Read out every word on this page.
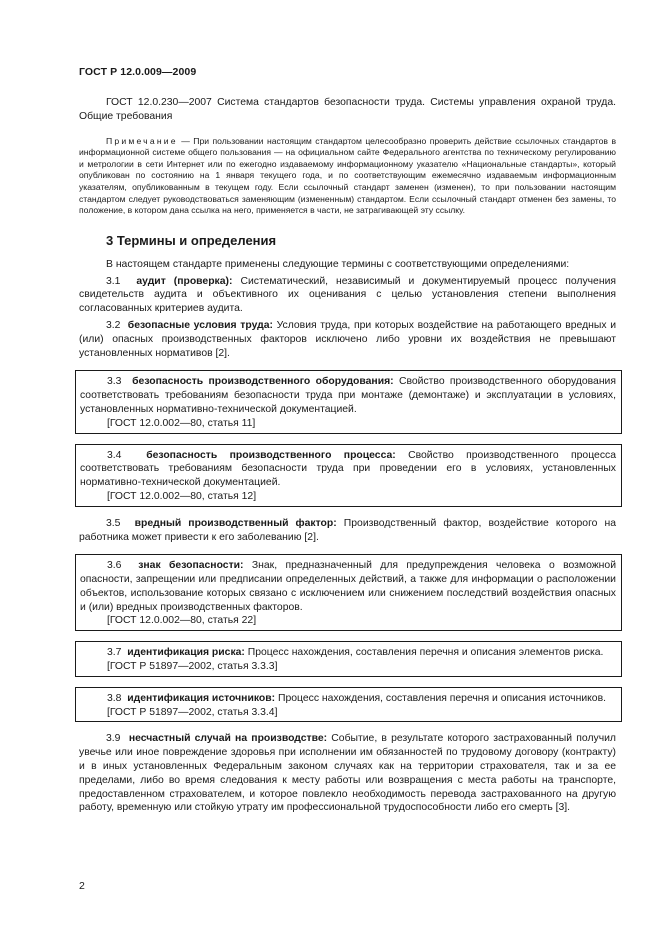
ГОСТ Р 12.0.009—2009

ГОСТ 12.0.230—2007 Система стандартов безопасности труда. Системы управления охраной труда. Общие требования

Примечание — При пользовании настоящим стандартом целесообразно проверить действие ссылочных стандартов в информационной системе общего пользования — на официальном сайте Федерального агентства по техническому регулированию и метрологии в сети Интернет или по ежегодно издаваемому информационному указателю «Национальные стандарты», который опубликован по состоянию на 1 января текущего года, и по соответствующим ежемесячно издаваемым информационным указателям, опубликованным в текущем году. Если ссылочный стандарт заменен (изменен), то при пользовании настоящим стандартом следует руководствоваться заменяющим (измененным) стандартом. Если ссылочный стандарт отменен без замены, то положение, в котором дана ссылка на него, применяется в части, не затрагивающей эту ссылку.
3 Термины и определения

В настоящем стандарте применены следующие термины с соответствующими определениями:

3.1 аудит (проверка): Систематический, независимый и документируемый процесс получения свидетельств аудита и объективного их оценивания с целью установления степени выполнения согласованных критериев аудита.

3.2 безопасные условия труда: Условия труда, при которых воздействие на работающего вредных и (или) опасных производственных факторов исключено либо уровни их воздействия не превышают установленных нормативов [2].

3.3 безопасность производственного оборудования: Свойство производственного оборудования соответствовать требованиям безопасности труда при монтаже (демонтаже) и эксплуатации в условиях, установленных нормативно-технической документацией.

[ГОСТ 12.0.002—80, статья 11]

3.4 безопасность производственного процесса: Свойство производственного процесса соответствовать требованиям безопасности труда при проведении его в условиях, установленных нормативно-технической документацией.

[ГОСТ 12.0.002—80, статья 12]

3.5 вредный производственный фактор: Производственный фактор, воздействие которого на работника может привести к его заболеванию [2].

3.6 знак безопасности: Знак, предназначенный для предупреждения человека о возможной опасности, запрещении или предписании определенных действий, а также для информации о расположении объектов, использование которых связано с исключением или снижением последствий воздействия опасных и (или) вредных производственных факторов.

[ГОСТ 12.0.002—80, статья 22]

3.7 идентификация риска: Процесс нахождения, составления перечня и описания элементов риска.

[ГОСТ Р 51897—2002, статья 3.3.3]

3.8 идентификация источников: Процесс нахождения, составления перечня и описания источников.

[ГОСТ Р 51897—2002, статья 3.3.4]

3.9 несчастный случай на производстве: Событие, в результате которого застрахованный получил увечье или иное повреждение здоровья при исполнении им обязанностей по трудовому договору (контракту) и в иных установленных Федеральным законом случаях как на территории страхователя, так и за ее пределами, либо во время следования к месту работы или возвращения с места работы на транспорте, предоставленном страхователем, и которое повлекло необходимость перевода застрахованного на другую работу, временную или стойкую утрату им профессиональной трудоспособности либо его смерть [3].

2
